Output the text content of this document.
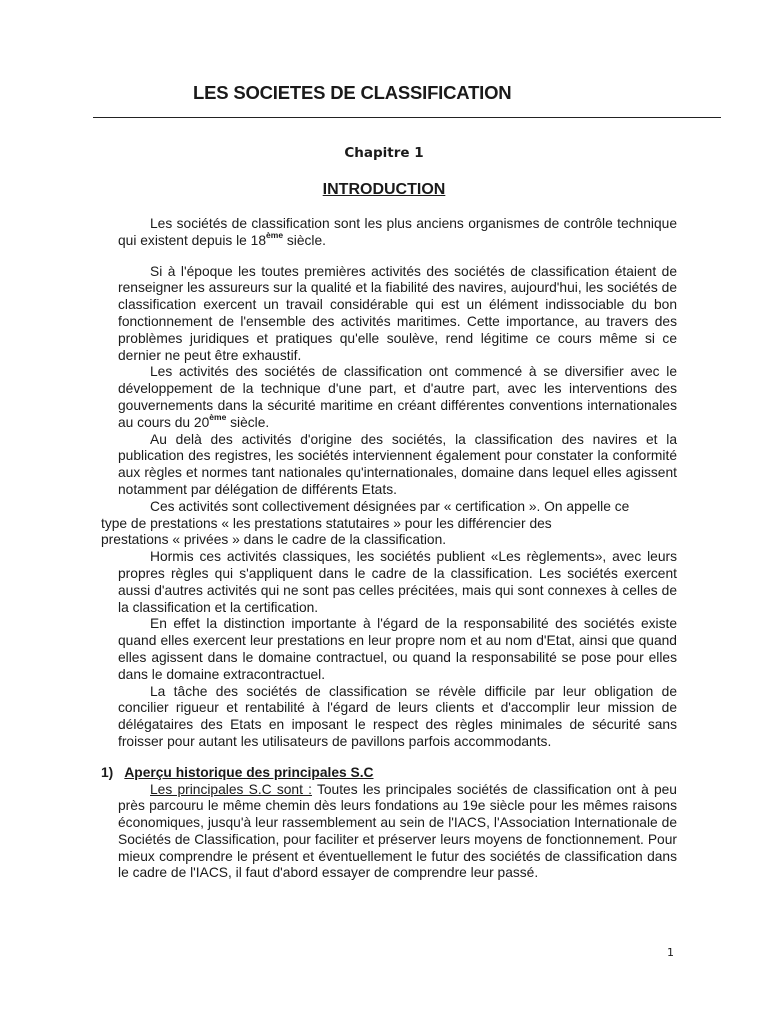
LES SOCIETES DE CLASSIFICATION
Chapitre 1
INTRODUCTION

Les sociétés de classification sont les plus anciens organismes de contrôle technique qui existent depuis le 18ème siècle.

Si à l'époque les toutes premières activités des sociétés de classification étaient de renseigner les assureurs sur la qualité et la fiabilité des navires, aujourd'hui, les sociétés de classification exercent un travail considérable qui est un élément indissociable du bon fonctionnement de l'ensemble des activités maritimes. Cette importance, au travers des problèmes juridiques et pratiques qu'elle soulève, rend légitime ce cours même si ce dernier ne peut être exhaustif.

Les activités des sociétés de classification ont commencé à se diversifier avec le développement de la technique d'une part, et d'autre part, avec les interventions des gouvernements dans la sécurité maritime en créant différentes conventions internationales au cours du 20ème siècle.

Au delà des activités d'origine des sociétés, la classification des navires et la publication des registres, les sociétés interviennent également pour constater la conformité aux règles et normes tant nationales qu'internationales, domaine dans lequel elles agissent notamment par délégation de différents Etats.

Ces activités sont collectivement désignées par « certification ». On appelle ce
type de prestations « les prestations statutaires » pour les différencier des
prestations « privées » dans le cadre de la classification.

Hormis ces activités classiques, les sociétés publient «Les règlements», avec leurs propres règles qui s'appliquent dans le cadre de la classification. Les sociétés exercent aussi d'autres activités qui ne sont pas celles précitées, mais qui sont connexes à celles de la classification et la certification.

En effet la distinction importante à l'égard de la responsabilité des sociétés existe quand elles exercent leur prestations en leur propre nom et au nom d'Etat, ainsi que quand elles agissent dans le domaine contractuel, ou quand la responsabilité se pose pour elles dans le domaine extracontractuel.

La tâche des sociétés de classification se révèle difficile par leur obligation de concilier rigueur et rentabilité à l'égard de leurs clients et d'accomplir leur mission de délégataires des Etats en imposant le respect des règles minimales de sécurité sans froisser pour autant les utilisateurs de pavillons parfois accommodants.

1) Aperçu historique des principales S.C

Les principales S.C sont : Toutes les principales sociétés de classification ont à peu près parcouru le même chemin dès leurs fondations au 19e siècle pour les mêmes raisons économiques, jusqu'à leur rassemblement au sein de l'IACS, l'Association Internationale de Sociétés de Classification, pour faciliter et préserver leurs moyens de fonctionnement. Pour mieux comprendre le présent et éventuellement le futur des sociétés de classification dans le cadre de l'IACS, il faut d'abord essayer de comprendre leur passé.

1
